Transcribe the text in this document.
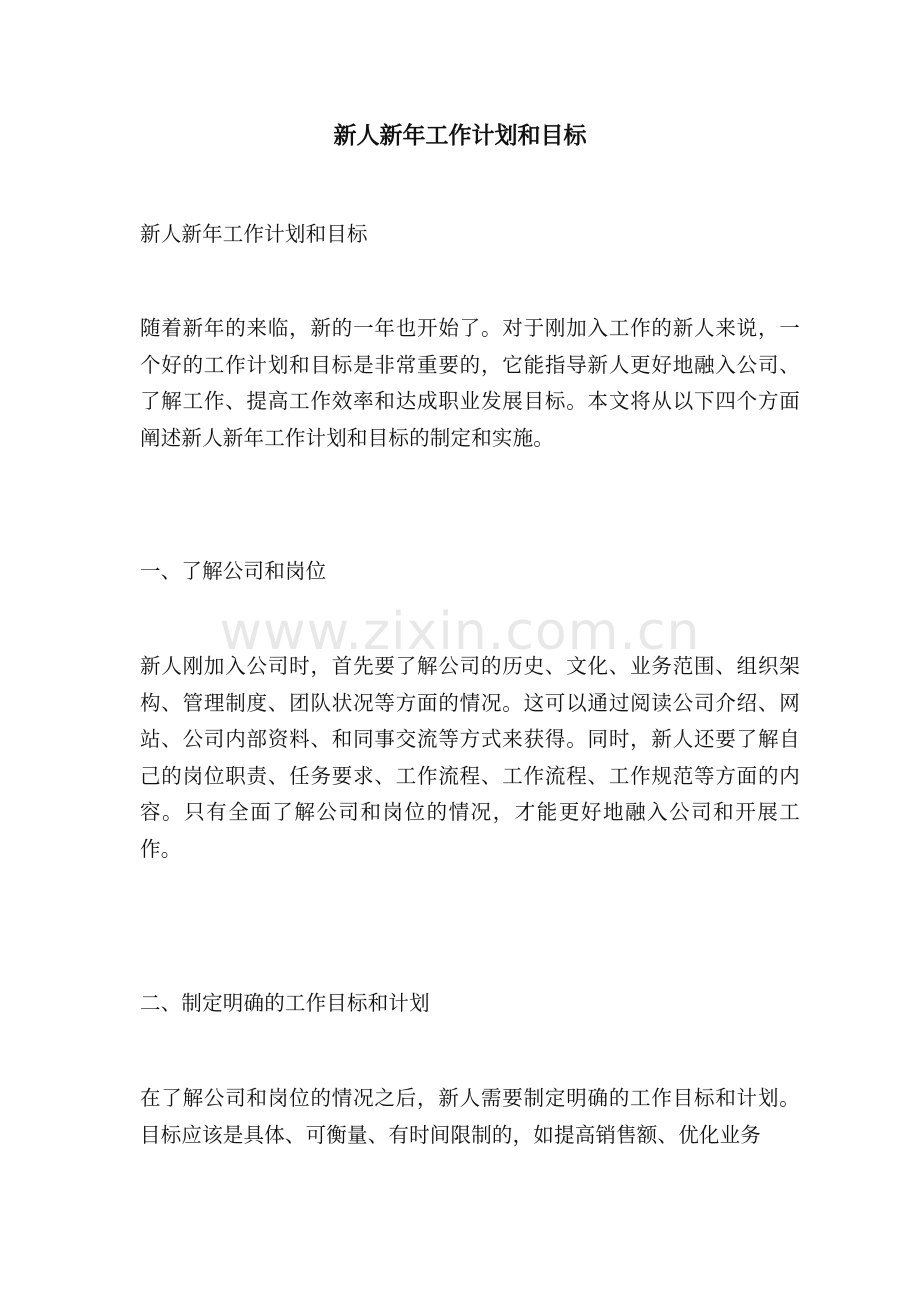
新人新年工作计划和目标

新人新年工作计划和目标

随着新年的来临，新的一年也开始了。对于刚加入工作的新人来说，一个好的工作计划和目标是非常重要的，它能指导新人更好地融入公司、了解工作、提高工作效率和达成职业发展目标。本文将从以下四个方面阐述新人新年工作计划和目标的制定和实施。

一、了解公司和岗位

新人刚加入公司时，首先要了解公司的历史、文化、业务范围、组织架构、管理制度、团队状况等方面的情况。这可以通过阅读公司介绍、网站、公司内部资料、和同事交流等方式来获得。同时，新人还要了解自己的岗位职责、任务要求、工作流程、工作流程、工作规范等方面的内容。只有全面了解公司和岗位的情况，才能更好地融入公司和开展工作。

二、制定明确的工作目标和计划

在了解公司和岗位的情况之后，新人需要制定明确的工作目标和计划。目标应该是具体、可衡量、有时间限制的，如提高销售额、优化业务

www.zixin.com.cn
